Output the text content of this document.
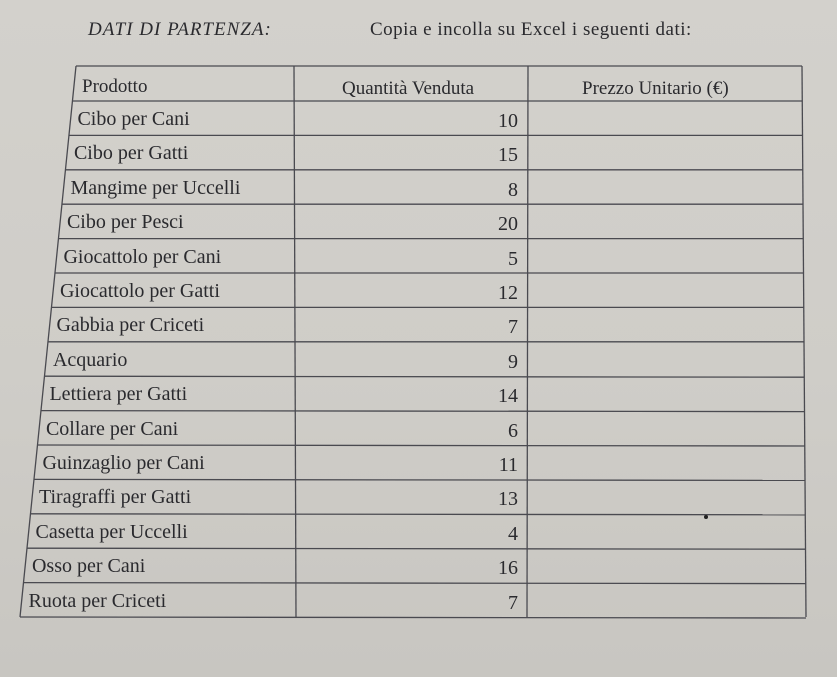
DATI DI PARTENZA:	Copia e incolla su Excel i seguenti dati:
Prodotto	Quantità Venduta	Prezzo Unitario (€)
Cibo per Cani	10
Cibo per Gatti	15
Mangime per Uccelli	8
Cibo per Pesci	20
Giocattolo per Cani	5
Giocattolo per Gatti	12
Gabbia per Criceti	7
Acquario	9
Lettiera per Gatti	14
Collare per Cani	6
Guinzaglio per Cani	11
Tiragraffi per Gatti	13
Casetta per Uccelli	4
Osso per Cani	16
Ruota per Criceti	7
